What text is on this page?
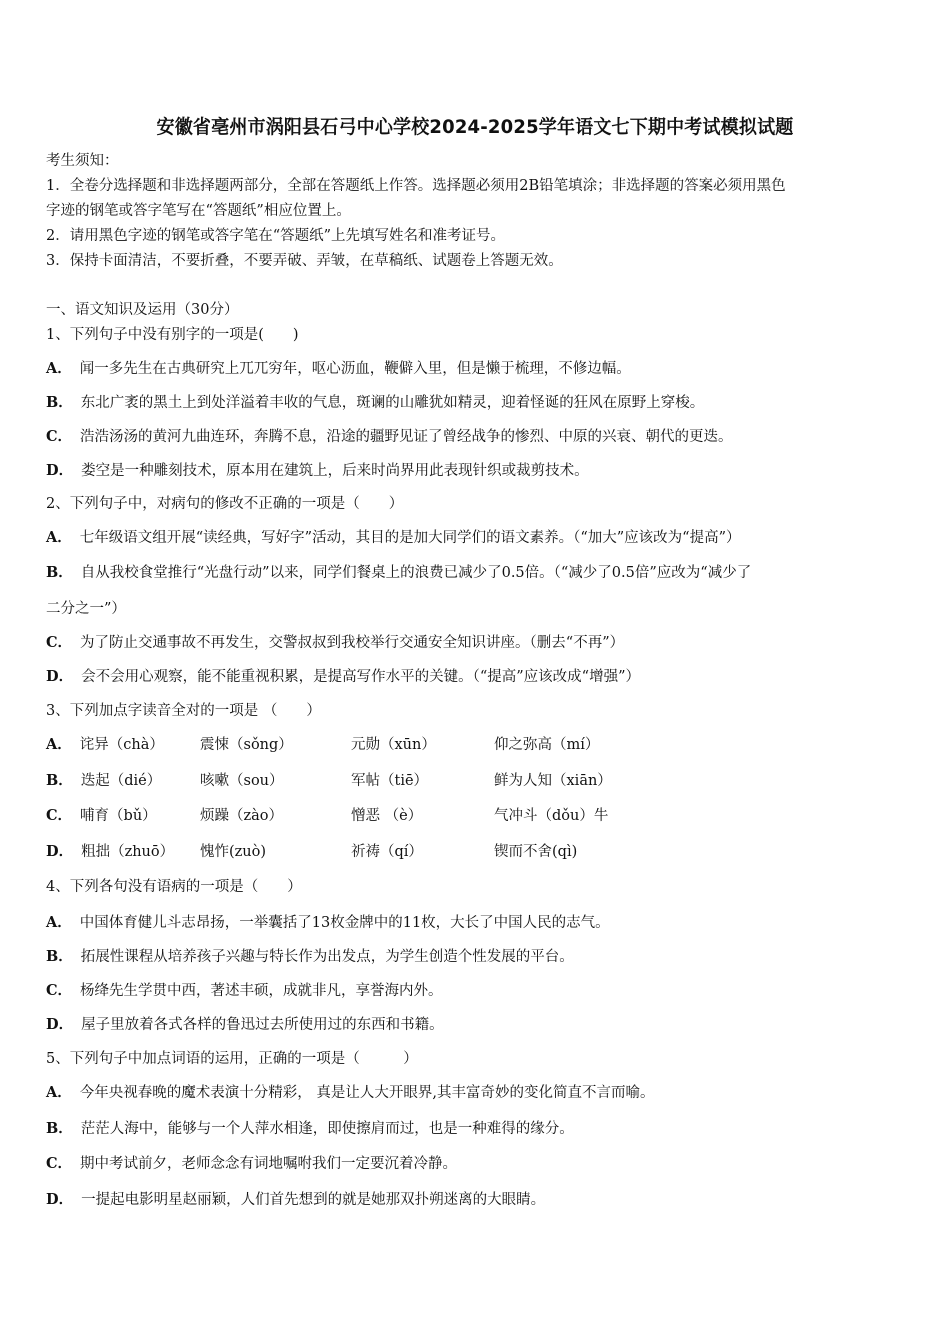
安徽省亳州市涡阳县石弓中心学校2024-2025学年语文七下期中考试模拟试题
考生须知：
1．全卷分选择题和非选择题两部分，全部在答题纸上作答。选择题必须用2B铅笔填涂；非选择题的答案必须用黑色
字迹的钢笔或答字笔写在“答题纸”相应位置上。
2．请用黑色字迹的钢笔或答字笔在“答题纸”上先填写姓名和准考证号。
3．保持卡面清洁，不要折叠，不要弄破、弄皱，在草稿纸、试题卷上答题无效。
一、语文知识及运用（30分）
1、下列句子中没有别字的一项是(　　)
A． 闻一多先生在古典研究上兀兀穷年，呕心沥血，鞭僻入里，但是懒于梳理，不修边幅。
B． 东北广袤的黑土上到处洋溢着丰收的气息，斑谰的山雕犹如精灵，迎着怪诞的狂风在原野上穿梭。
C． 浩浩汤汤的黄河九曲连环，奔腾不息，沿途的疆野见证了曾经战争的惨烈、中原的兴衰、朝代的更迭。
D． 娄空是一种雕刻技术，原本用在建筑上，后来时尚界用此表现针织或裁剪技术。
2、下列句子中，对病句的修改不正确的一项是（　　）
A． 七年级语文组开展“读经典，写好字”活动，其目的是加大同学们的语文素养。（“加大”应该改为“提高”）
B． 自从我校食堂推行“光盘行动”以来，同学们餐桌上的浪费已减少了0.5倍。（“减少了0.5倍”应改为“减少了
二分之一”）
C． 为了防止交通事故不再发生，交警叔叔到我校举行交通安全知识讲座。（删去“不再”）
D． 会不会用心观察，能不能重视积累，是提高写作水平的关键。（“提高”应该改成“增强”）
3、下列加点字读音全对的一项是 （　　）
A． 诧异（chà） 震悚（sǒng）	元勋（xūn）	仰之弥高（mí）
B． 迭起（dié）	咳嗽（sou）	军帖（tiē）	鲜为人知（xiān）
C． 哺育（bǔ）	烦躁（zào）	憎恶 （è）	气冲斗（dǒu）牛
D． 粗拙（zhuō） 愧怍(zuò)	祈祷（qí）	锲而不舍(qì)
4、下列各句没有语病的一项是（　　）
A． 中国体育健儿斗志昂扬，一举囊括了13枚金牌中的11枚，大长了中国人民的志气。
B． 拓展性课程从培养孩子兴趣与特长作为出发点，为学生创造个性发展的平台。
C． 杨绛先生学贯中西，著述丰硕，成就非凡，享誉海内外。
D． 屋子里放着各式各样的鲁迅过去所使用过的东西和书籍。
5、下列句子中加点词语的运用，正确的一项是（　　　）
A． 今年央视春晚的魔术表演十分精彩， 真是让人大开眼界,其丰富奇妙的变化简直不言而喻。
B． 茫茫人海中，能够与一个人萍水相逢，即使擦肩而过，也是一种难得的缘分。
C． 期中考试前夕，老师念念有词地嘱咐我们一定要沉着冷静。
D． 一提起电影明星赵丽颖，人们首先想到的就是她那双扑朔迷离的大眼睛。
